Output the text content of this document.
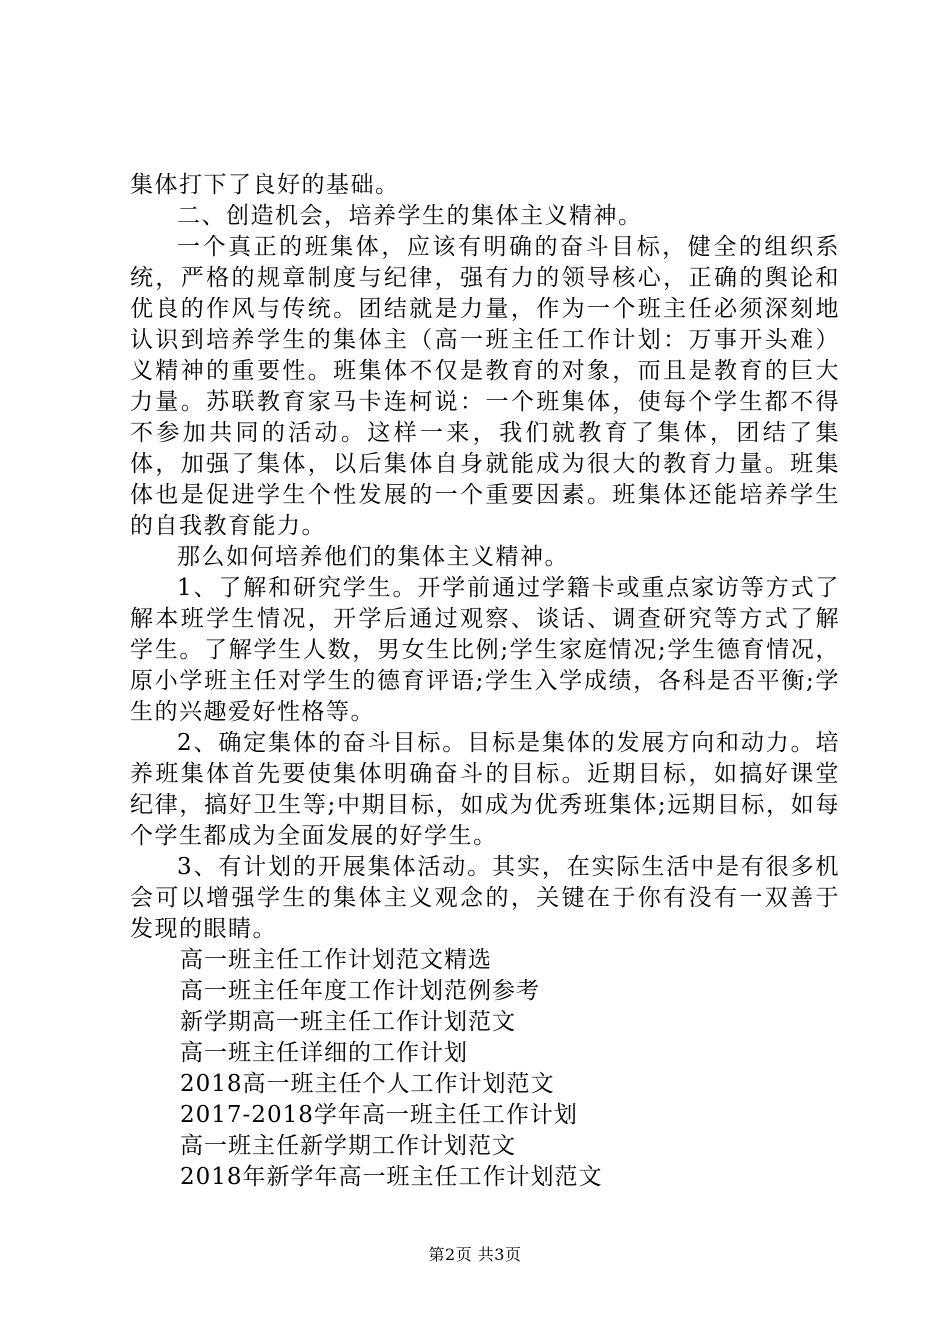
集体打下了良好的基础。

二、创造机会，培养学生的集体主义精神。

一个真正的班集体，应该有明确的奋斗目标，健全的组织系统，严格的规章制度与纪律，强有力的领导核心，正确的舆论和优良的作风与传统。团结就是力量，作为一个班主任必须深刻地认识到培养学生的集体主（高一班主任工作计划：万事开头难）义精神的重要性。班集体不仅是教育的对象，而且是教育的巨大力量。苏联教育家马卡连柯说：一个班集体，使每个学生都不得不参加共同的活动。这样一来，我们就教育了集体，团结了集体，加强了集体，以后集体自身就能成为很大的教育力量。班集体也是促进学生个性发展的一个重要因素。班集体还能培养学生的自我教育能力。

那么如何培养他们的集体主义精神。

1、了解和研究学生。开学前通过学籍卡或重点家访等方式了解本班学生情况，开学后通过观察、谈话、调查研究等方式了解学生。了解学生人数，男女生比例;学生家庭情况;学生德育情况，原小学班主任对学生的德育评语;学生入学成绩，各科是否平衡;学生的兴趣爱好性格等。

2、确定集体的奋斗目标。目标是集体的发展方向和动力。培养班集体首先要使集体明确奋斗的目标。近期目标，如搞好课堂纪律，搞好卫生等;中期目标，如成为优秀班集体;远期目标，如每个学生都成为全面发展的好学生。

3、有计划的开展集体活动。其实，在实际生活中是有很多机会可以增强学生的集体主义观念的，关键在于你有没有一双善于发现的眼睛。

高一班主任工作计划范文精选
高一班主任年度工作计划范例参考
新学期高一班主任工作计划范文
高一班主任详细的工作计划
2018高一班主任个人工作计划范文
2017-2018学年高一班主任工作计划
高一班主任新学期工作计划范文
2018年新学年高一班主任工作计划范文
第2页 共3页
